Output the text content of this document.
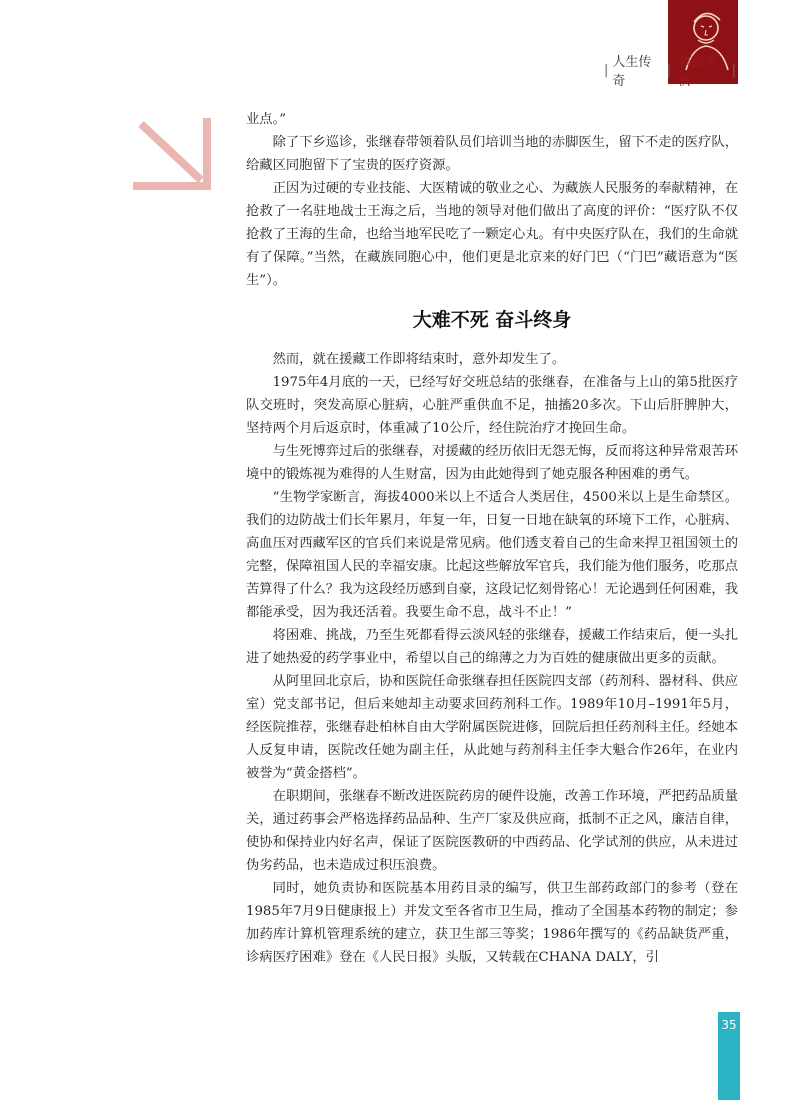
| 人生传奇
| 無疆春秋
|

业点。”

除了下乡巡诊，张继春带领着队员们培训当地的赤脚医生，留下不走的医疗队，给藏区同胞留下了宝贵的医疗资源。

正因为过硬的专业技能、大医精诚的敬业之心、为藏族人民服务的奉献精神，在抢救了一名驻地战士王海之后，当地的领导对他们做出了高度的评价：“医疗队不仅抢救了王海的生命，也给当地军民吃了一颗定心丸。有中央医疗队在，我们的生命就有了保障。”当然，在藏族同胞心中，他们更是北京来的好门巴（“门巴”藏语意为“医生”）。

大难不死 奋斗终身

然而，就在援藏工作即将结束时，意外却发生了。

1975年4月底的一天，已经写好交班总结的张继春，在准备与上山的第5批医疗队交班时，突发高原心脏病，心脏严重供血不足，抽搐20多次。下山后肝脾肿大，坚持两个月后返京时，体重减了10公斤，经住院治疗才挽回生命。

与生死博弈过后的张继春，对援藏的经历依旧无怨无悔，反而将这种异常艰苦环境中的锻炼视为难得的人生财富，因为由此她得到了她克服各种困难的勇气。

“生物学家断言，海拔4000米以上不适合人类居住，4500米以上是生命禁区。我们的边防战士们长年累月，年复一年，日复一日地在缺氧的环境下工作，心脏病、高血压对西藏军区的官兵们来说是常见病。他们透支着自己的生命来捍卫祖国领土的完整，保障祖国人民的幸福安康。比起这些解放军官兵，我们能为他们服务，吃那点苦算得了什么？我为这段经历感到自豪，这段记忆刻骨铭心！无论遇到任何困难，我都能承受，因为我还活着。我要生命不息，战斗不止！”

将困难、挑战，乃至生死都看得云淡风轻的张继春，援藏工作结束后，便一头扎进了她热爱的药学事业中，希望以自己的绵薄之力为百姓的健康做出更多的贡献。

从阿里回北京后，协和医院任命张继春担任医院四支部（药剂科、器材科、供应室）党支部书记，但后来她却主动要求回药剂科工作。1989年10月–1991年5月，经医院推荐，张继春赴柏林自由大学附属医院进修，回院后担任药剂科主任。经她本人反复申请，医院改任她为副主任，从此她与药剂科主任李大魁合作26年，在业内被誉为“黄金搭档”。

在职期间，张继春不断改进医院药房的硬件设施，改善工作环境，严把药品质量关，通过药事会严格选择药品品种、生产厂家及供应商，抵制不正之风，廉洁自律，使协和保持业内好名声，保证了医院医教研的中西药品、化学试剂的供应，从未进过伪劣药品，也未造成过积压浪费。

同时，她负责协和医院基本用药目录的编写，供卫生部药政部门的参考（登在1985年7月9日健康报上）并发文至各省市卫生局，推动了全国基本药物的制定；参加药库计算机管理系统的建立，获卫生部三等奖；1986年撰写的《药品缺货严重，诊病医疗困难》登在《人民日报》头版，又转载在CHANA DALY，引

35
